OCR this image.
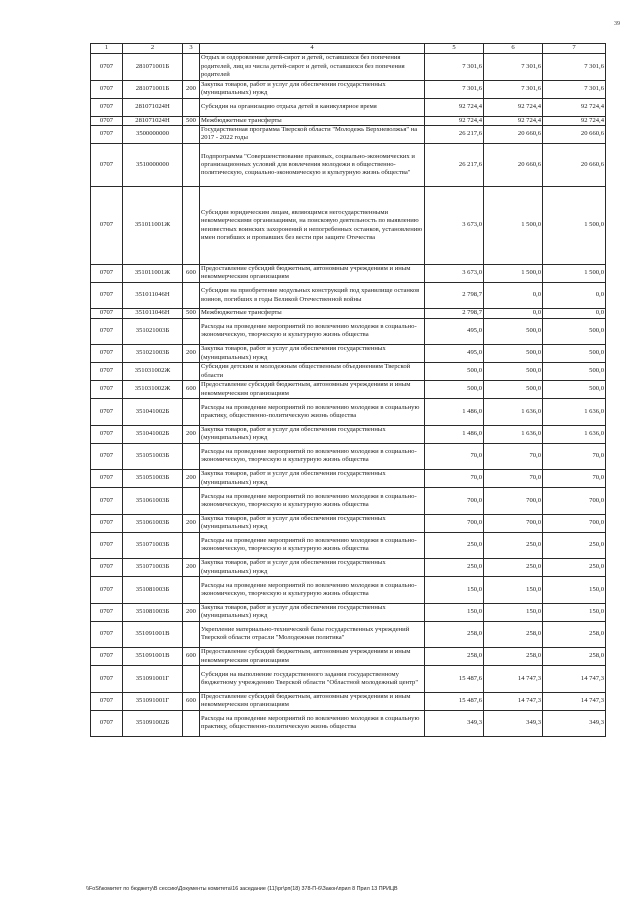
39
1	2	3	4	5	6	7
0707	281071001Б		Отдых и оздоровление детей-сирот и детей, оставшихся без попечения родителей, лиц из числа детей-сирот и детей, оставшихся без попечения родителей	7 301,6	7 301,6	7 301,6
0707	281071001Б	200	Закупка товаров, работ и услуг для обеспечения государственных (муниципальных) нужд	7 301,6	7 301,6	7 301,6
0707	281071024Н		Субсидия на организацию отдыха детей в каникулярное время	92 724,4	92 724,4	92 724,4
0707	281071024Н	500	Межбюджетные трансферты	92 724,4	92 724,4	92 724,4
0707	3500000000		Государственная программа Тверской области "Молодежь Верхневолжья" на 2017 - 2022 годы	26 217,6	20 660,6	20 660,6
0707	3510000000		Подпрограмма "Совершенствование правовых, социально-экономических и организационных условий для вовлечения молодежи в общественно-политическую, социально-экономическую и культурную жизнь общества"	26 217,6	20 660,6	20 660,6
0707	351011001Ж		Субсидии юридическим лицам, являющимся негосударственными некоммерческими организациями, на поисковую деятельность по выявлению неизвестных воинских захоронений и непогребенных останков, установлению имен погибших и пропавших без вести при защите Отечества	3 673,0	1 500,0	1 500,0
0707	351011001Ж	600	Предоставление субсидий бюджетным, автономным учреждениям и иным некоммерческим организациям	3 673,0	1 500,0	1 500,0
0707	351011046Н		Субсидии на приобретение модульных конструкций под хранилище останков воинов, погибших в годы Великой Отечественной войны	2 798,7	0,0	0,0
0707	351011046Н	500	Межбюджетные трансферты	2 798,7	0,0	0,0
0707	351021003Б		Расходы на проведение мероприятий по вовлечению молодежи в социально-экономическую, творческую и культурную жизнь общества	495,0	500,0	500,0
0707	351021003Б	200	Закупка товаров, работ и услуг для обеспечения государственных (муниципальных) нужд	495,0	500,0	500,0
0707	351031002Ж		Субсидии детским и молодежным общественным объединениям Тверской области	500,0	500,0	500,0
0707	351031002Ж	600	Предоставление субсидий бюджетным, автономным учреждениям и иным некоммерческим организациям	500,0	500,0	500,0
0707	351041002Б		Расходы на проведение мероприятий по вовлечению молодежи в социальную практику, общественно-политическую жизнь общества	1 486,0	1 636,0	1 636,0
0707	351041002Б	200	Закупка товаров, работ и услуг для обеспечения государственных (муниципальных) нужд	1 486,0	1 636,0	1 636,0
0707	351051003Б		Расходы на проведение мероприятий по вовлечению молодежи в социально-экономическую, творческую и культурную жизнь общества	70,0	70,0	70,0
0707	351051003Б	200	Закупка товаров, работ и услуг для обеспечения государственных (муниципальных) нужд	70,0	70,0	70,0
0707	351061003Б		Расходы на проведение мероприятий по вовлечению молодежи в социально-экономическую, творческую и культурную жизнь общества	700,0	700,0	700,0
0707	351061003Б	200	Закупка товаров, работ и услуг для обеспечения государственных (муниципальных) нужд	700,0	700,0	700,0
0707	351071003Б		Расходы на проведение мероприятий по вовлечению молодежи в социально-экономическую, творческую и культурную жизнь общества	250,0	250,0	250,0
0707	351071003Б	200	Закупка товаров, работ и услуг для обеспечения государственных (муниципальных) нужд	250,0	250,0	250,0
0707	351081003Б		Расходы на проведение мероприятий по вовлечению молодежи в социально-экономическую, творческую и культурную жизнь общества	150,0	150,0	150,0
0707	351081003Б	200	Закупка товаров, работ и услуг для обеспечения государственных (муниципальных) нужд	150,0	150,0	150,0
0707	351091001В		Укрепление материально-технической базы государственных учреждений Тверской области отрасли "Молодежная политика"	258,0	258,0	258,0
0707	351091001В	600	Предоставление субсидий бюджетным, автономным учреждениям и иным некоммерческим организациям	258,0	258,0	258,0
0707	351091001Г		Субсидия на выполнение государственного задания государственному бюджетному учреждению Тверской области "Областной молодежный центр"	15 487,6	14 747,3	14 747,3
0707	351091001Г	600	Предоставление субсидий бюджетным, автономным учреждениям и иным некоммерческим организациям	15 487,6	14 747,3	14 747,3
0707	351091002Б		Расходы на проведение мероприятий по вовлечению молодежи в социальную практику, общественно-политическую жизнь общества	349,3	349,3	349,3
\\FoSt\комитет по бюджету\В сессию\Документы комитета\16 заседание (11)\рг\рп(18) 378-П-6\Закон\прил 8 Прил 13 ПРИЦВ
